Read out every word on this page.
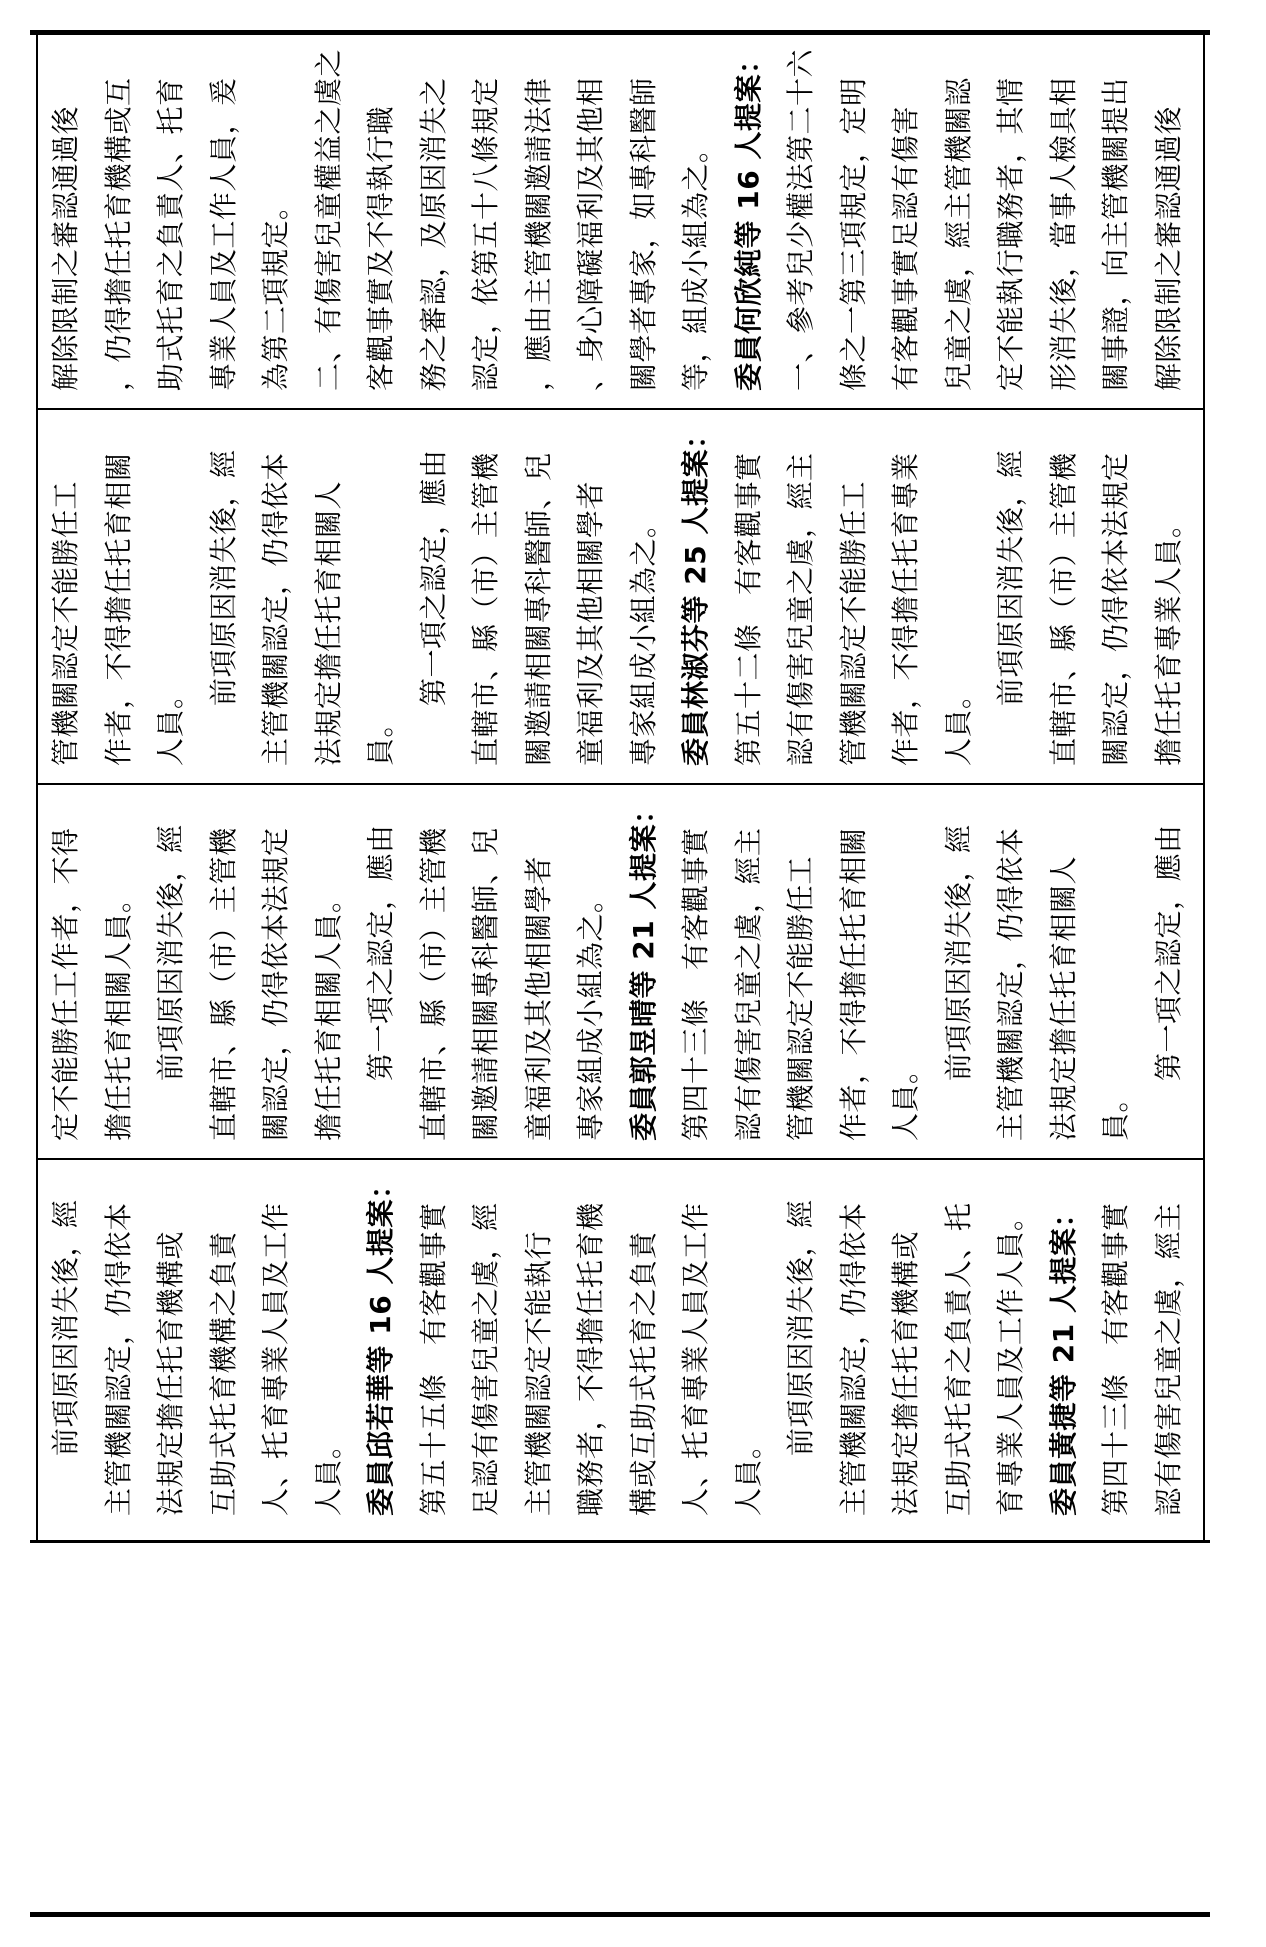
解除限制之審認通過後 ，仍得擔任托育機構或互 助式托育之負責人、托育 專業人員及工作人員，爰 為第二項規定。 二、有傷害兒童權益之虞之 客觀事實及不得執行職 務之審認，及原因消失之 認定，依第五十八條規定 ，應由主管機關邀請法律 、身心障礙福利及其他相 關學者專家，如專科醫師 等，組成小組為之。 委員何欣純等 16 人提案： 一、參考兒少權法第二十六 條之一第三項規定，定明 有客觀事實足認有傷害 兒童之虞，經主管機關認 定不能執行職務者，其情 形消失後，當事人檢具相 關事證，向主管機關提出 解除限制之審認通過後
管機關認定不能勝任工 作者，不得擔任托育相關 人員。
前項原因消失後，經 主管機關認定，仍得依本 法規定擔任托育相關人 員。
第一項之認定，應由 直轄市、縣（市）主管機 關邀請相關專科醫師、兒 童福利及其他相關學者 專家組成小組為之。 委員林淑芬等 25 人提案： 第五十二條　有客觀事實 認有傷害兒童之虞，經主 管機關認定不能勝任工 作者，不得擔任托育專業 人員。
前項原因消失後，經 直轄市、縣（市）主管機 關認定，仍得依本法規定 擔任托育專業人員。
定不能勝任工作者，不得 擔任托育相關人員。 前項原因消失後，經 直轄市、縣（市）主管機 關認定，仍得依本法規定 擔任托育相關人員。 第一項之認定，應由 直轄市、縣（市）主管機 關邀請相關專科醫師、兒 童福利及其他相關學者 專家組成小組為之。 委員郭昱晴等 21 人提案： 第四十三條　有客觀事實 認有傷害兒童之虞，經主 管機關認定不能勝任工 作者，不得擔任托育相關 人員。
前項原因消失後，經 主管機關認定，仍得依本 法規定擔任托育相關人 員。
第一項之認定，應由
前項原因消失後，經 主管機關認定，仍得依本 法規定擔任托育機構或 互助式托育機構之負責 人、托育專業人員及工作 人員。 委員邱若華等 16 人提案： 第五十五條　有客觀事實 足認有傷害兒童之虞，經 主管機關認定不能執行 職務者，不得擔任托育機 構或互助式托育之負責 人、托育專業人員及工作 人員。
前項原因消失後，經 主管機關認定，仍得依本 法規定擔任托育機構或 互助式托育之負責人、托 育專業人員及工作人員。 委員黃捷等 21 人提案： 第四十三條　有客觀事實 認有傷害兒童之虞，經主
